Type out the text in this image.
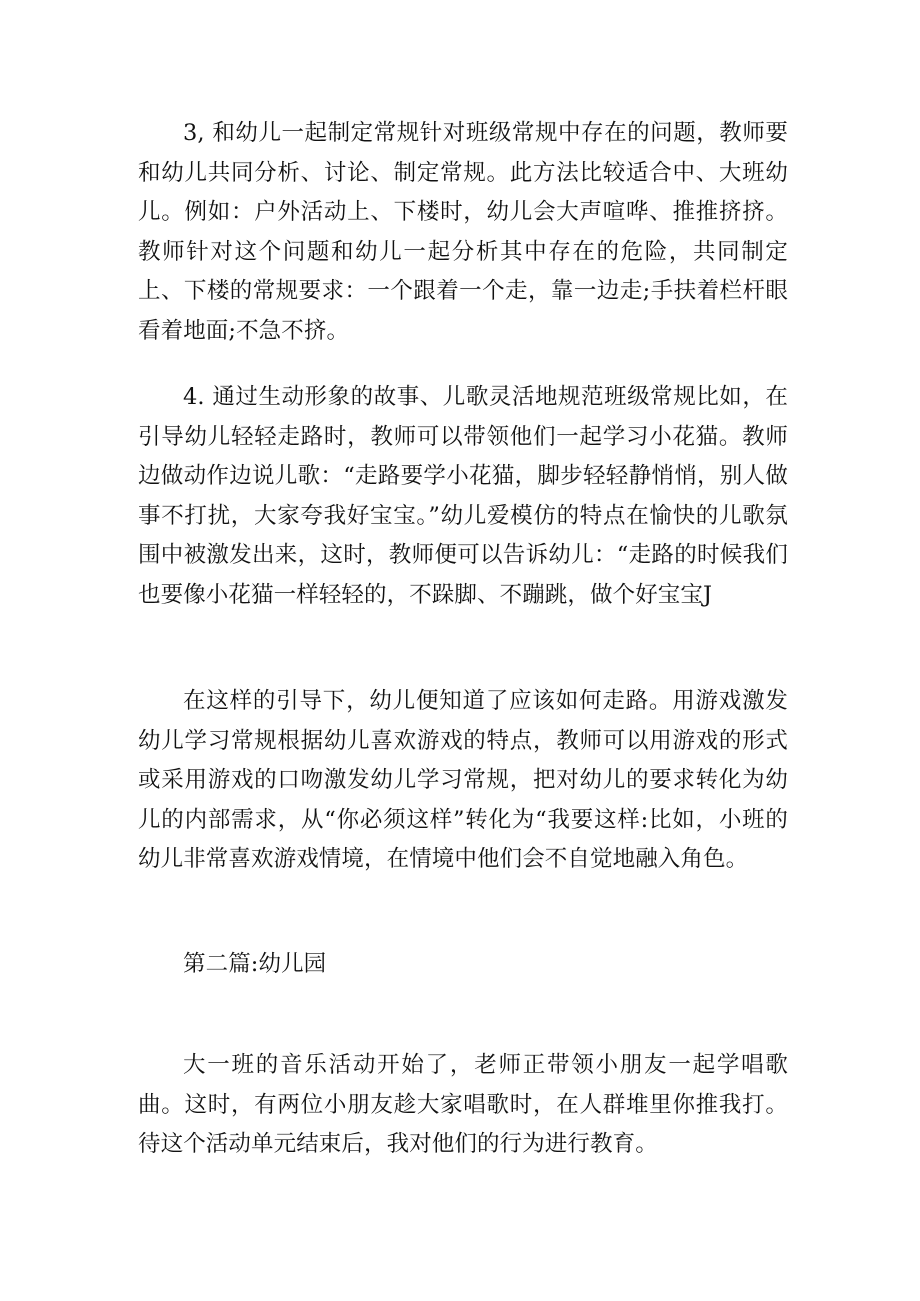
3, 和幼儿一起制定常规针对班级常规中存在的问题，教师要和幼儿共同分析、讨论、制定常规。此方法比较适合中、大班幼儿。例如：户外活动上、下楼时，幼儿会大声喧哗、推推挤挤。教师针对这个问题和幼儿一起分析其中存在的危险，共同制定上、下楼的常规要求：一个跟着一个走，靠一边走;手扶着栏杆眼看着地面;不急不挤。

4. 通过生动形象的故事、儿歌灵活地规范班级常规比如，在引导幼儿轻轻走路时，教师可以带领他们一起学习小花猫。教师边做动作边说儿歌：“走路要学小花猫，脚步轻轻静悄悄，别人做事不打扰，大家夸我好宝宝。”幼儿爱模仿的特点在愉快的儿歌氛围中被激发出来，这时，教师便可以告诉幼儿：“走路的时候我们也要像小花猫一样轻轻的，不跺脚、不蹦跳，做个好宝宝J

在这样的引导下，幼儿便知道了应该如何走路。用游戏激发幼儿学习常规根据幼儿喜欢游戏的特点，教师可以用游戏的形式或采用游戏的口吻激发幼儿学习常规，把对幼儿的要求转化为幼儿的内部需求，从“你必须这样”转化为“我要这样:比如，小班的幼儿非常喜欢游戏情境，在情境中他们会不自觉地融入角色。

第二篇:幼儿园

大一班的音乐活动开始了，老师正带领小朋友一起学唱歌曲。这时，有两位小朋友趁大家唱歌时，在人群堆里你推我打。待这个活动单元结束后，我对他们的行为进行教育。
